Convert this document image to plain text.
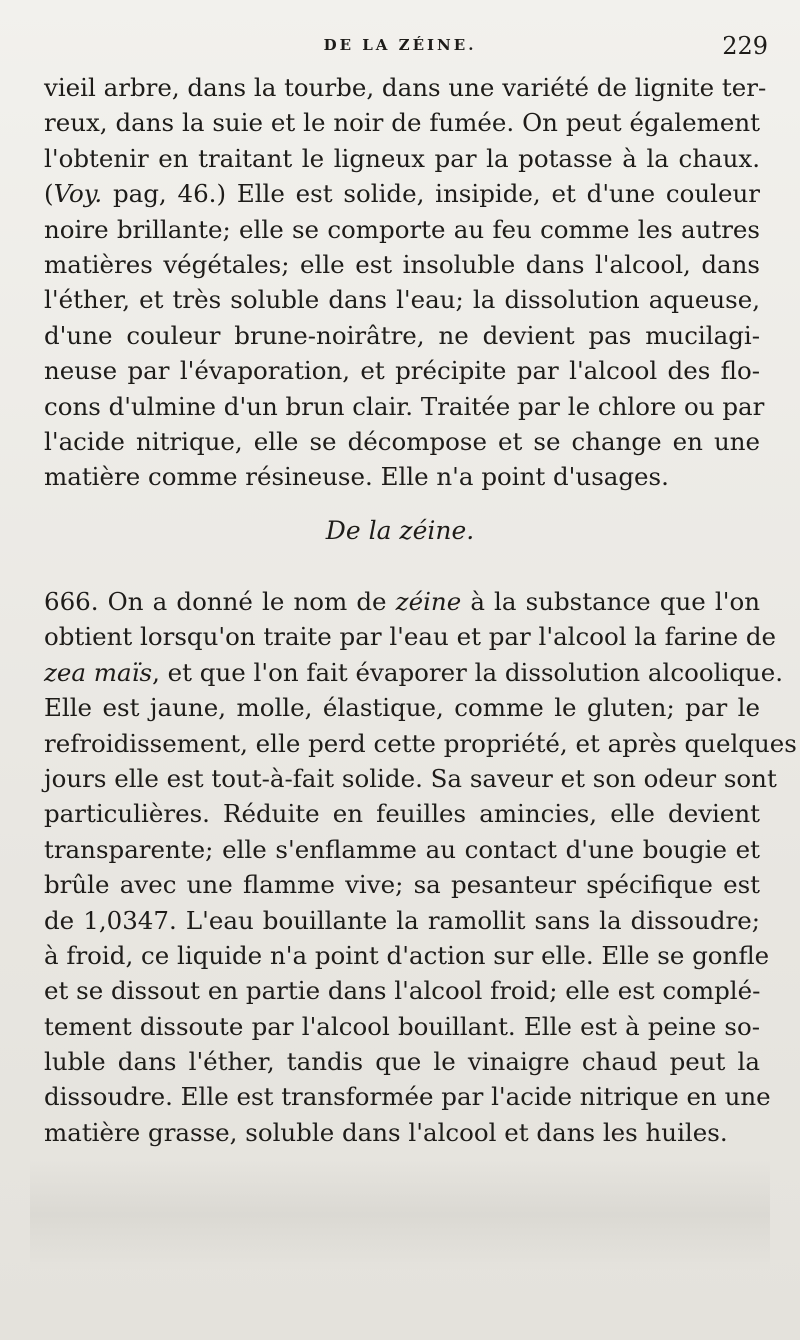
DE LA ZÉINE.	229
vieil arbre, dans la tourbe, dans une variété de lignite ter-
reux, dans la suie et le noir de fumée. On peut également
l'obtenir en traitant le ligneux par la potasse à la chaux.
(Voy. pag, 46.) Elle est solide, insipide, et d'une couleur
noire brillante; elle se comporte au feu comme les autres
matières végétales; elle est insoluble dans l'alcool, dans
l'éther, et très soluble dans l'eau; la dissolution aqueuse,
d'une couleur brune-noirâtre, ne devient pas mucilagi-
neuse par l'évaporation, et précipite par l'alcool des flo-
cons d'ulmine d'un brun clair. Traitée par le chlore ou par
l'acide nitrique, elle se décompose et se change en une
matière comme résineuse. Elle n'a point d'usages.
De la zéine.
666. On a donné le nom de zéine à la substance que l'on
obtient lorsqu'on traite par l'eau et par l'alcool la farine de
zea maïs, et que l'on fait évaporer la dissolution alcoolique.
Elle est jaune, molle, élastique, comme le gluten; par le
refroidissement, elle perd cette propriété, et après quelques
jours elle est tout-à-fait solide. Sa saveur et son odeur sont
particulières. Réduite en feuilles amincies, elle devient
transparente; elle s'enflamme au contact d'une bougie et
brûle avec une flamme vive; sa pesanteur spécifique est
de 1,0347. L'eau bouillante la ramollit sans la dissoudre;
à froid, ce liquide n'a point d'action sur elle. Elle se gonfle
et se dissout en partie dans l'alcool froid; elle est complé-
tement dissoute par l'alcool bouillant. Elle est à peine so-
luble dans l'éther, tandis que le vinaigre chaud peut la
dissoudre. Elle est transformée par l'acide nitrique en une
matière grasse, soluble dans l'alcool et dans les huiles.
